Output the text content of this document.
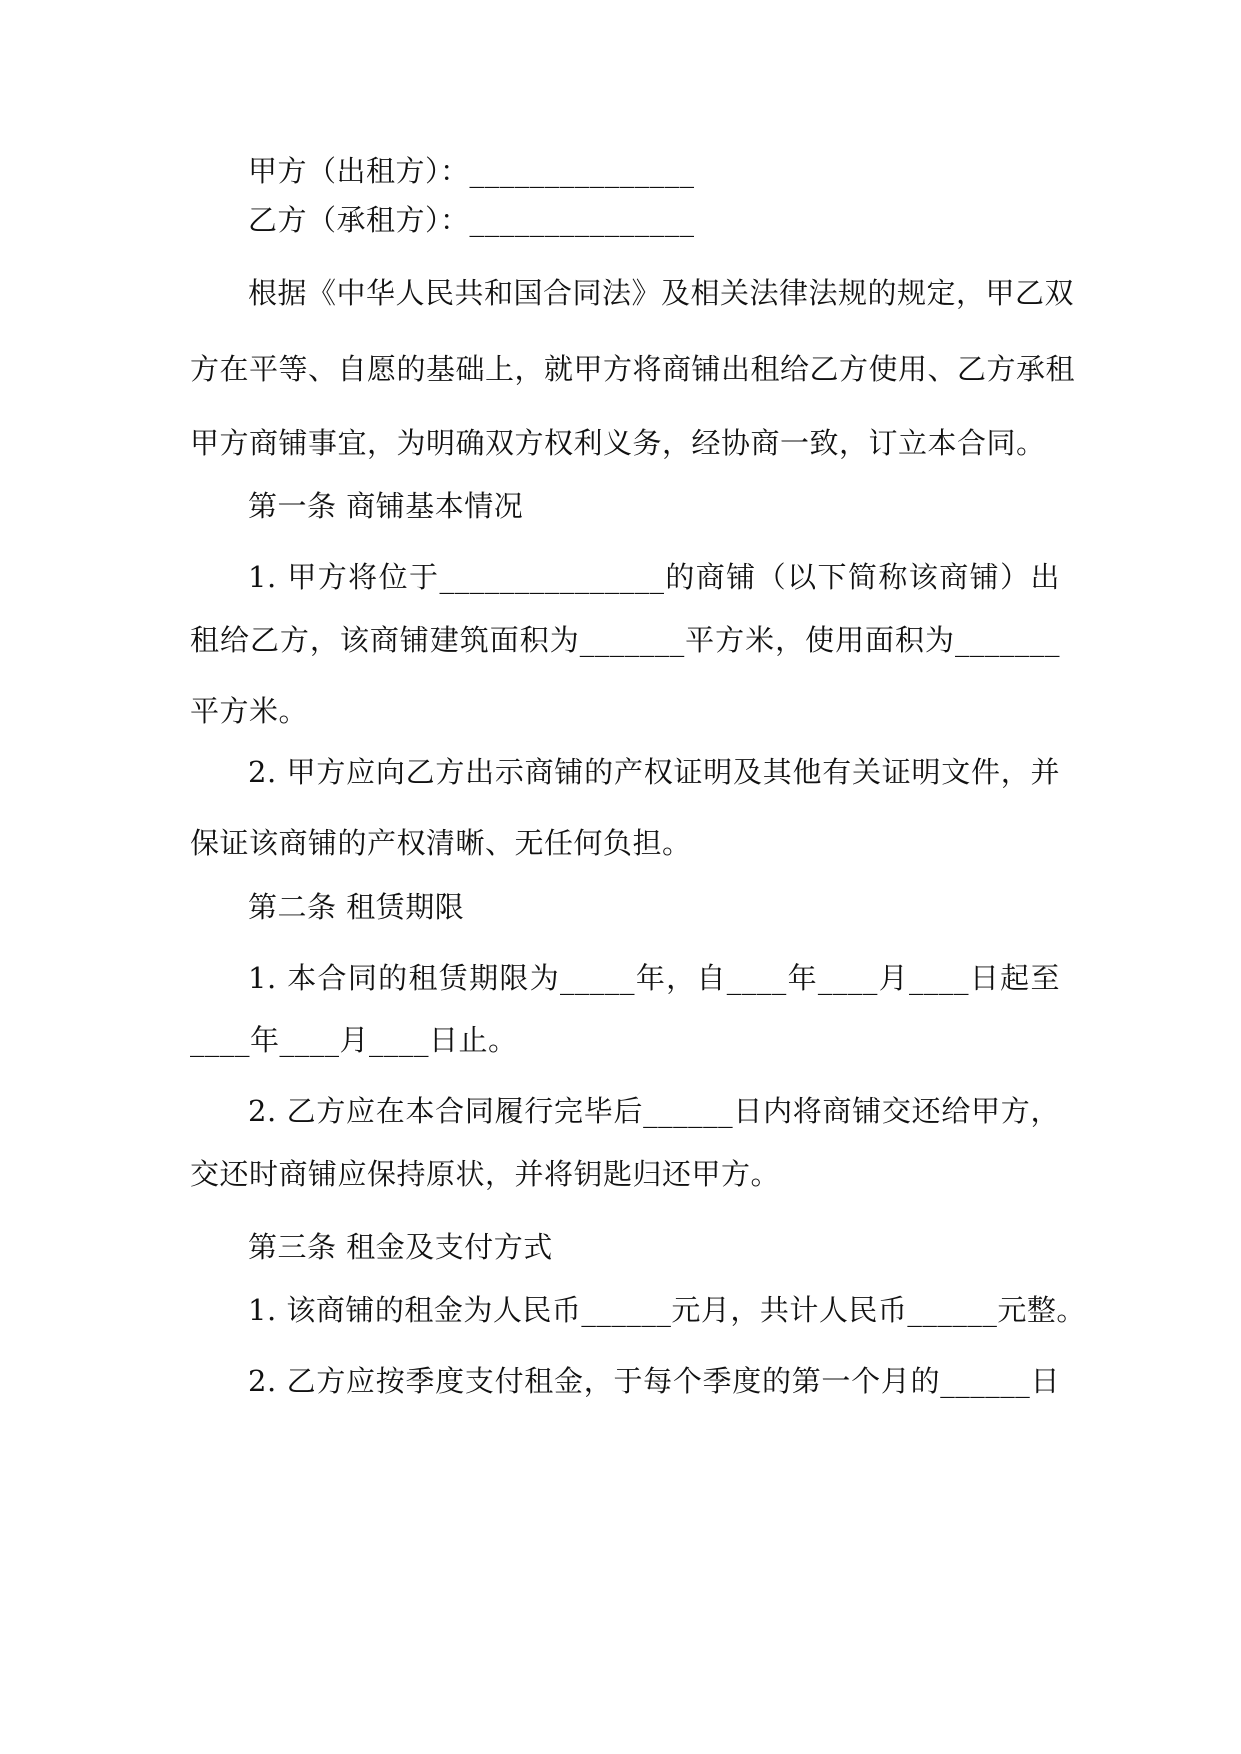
甲方（出租方）：_______________
乙方（承租方）：_______________
根据《中华人民共和国合同法》及相关法律法规的规定，甲乙双
方在平等、自愿的基础上，就甲方将商铺出租给乙方使用、乙方承租
甲方商铺事宜，为明确双方权利义务，经协商一致，订立本合同。
第一条 商铺基本情况
1. 甲方将位于_______________的商铺（以下简称该商铺）出
租给乙方，该商铺建筑面积为_______平方米，使用面积为_______
平方米。
2. 甲方应向乙方出示商铺的产权证明及其他有关证明文件，并
保证该商铺的产权清晰、无任何负担。
第二条 租赁期限
1. 本合同的租赁期限为_____年，自____年____月____日起至
____年____月____日止。
2. 乙方应在本合同履行完毕后______日内将商铺交还给甲方，
交还时商铺应保持原状，并将钥匙归还甲方。
第三条 租金及支付方式
1. 该商铺的租金为人民币______元月，共计人民币______元整。
2. 乙方应按季度支付租金，于每个季度的第一个月的______日
